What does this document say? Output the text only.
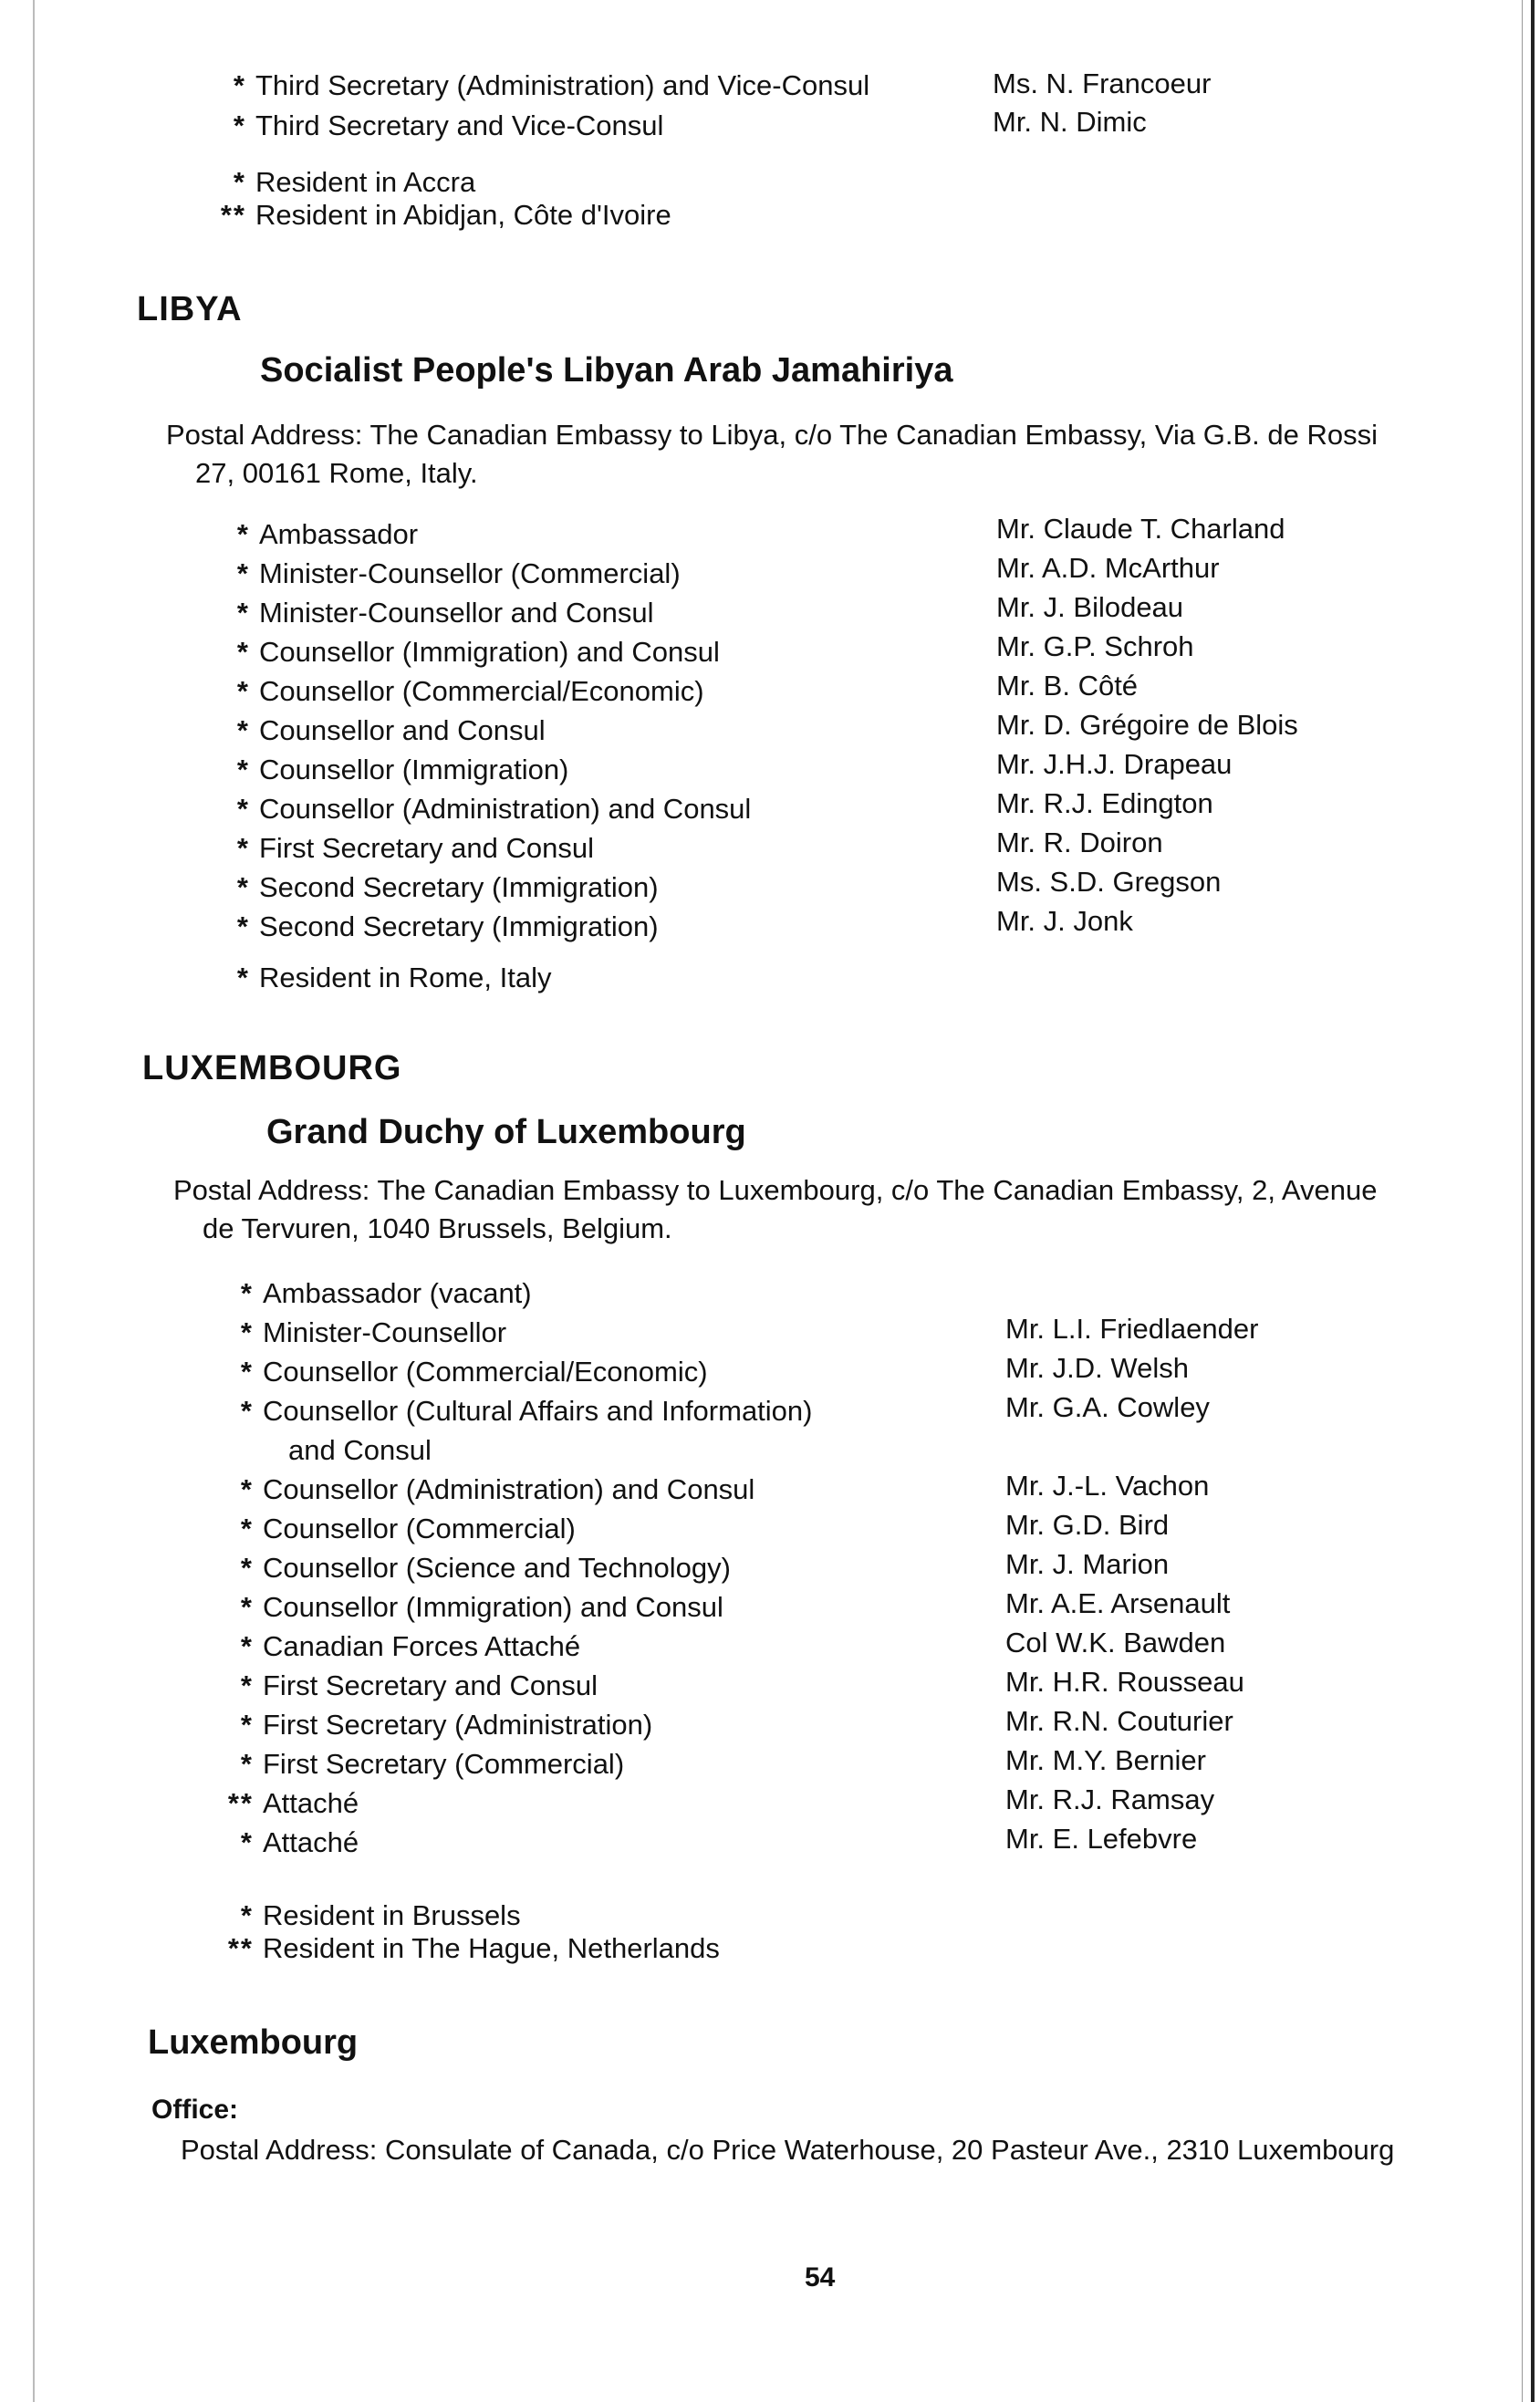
* Third Secretary (Administration) and Vice-Consul	Ms. N. Francoeur
* Third Secretary and Vice-Consul	Mr. N. Dimic
* Resident in Accra
** Resident in Abidjan, Côte d'Ivoire
LIBYA
Socialist People's Libyan Arab Jamahiriya
Postal Address: The Canadian Embassy to Libya, c/o The Canadian Embassy, Via G.B. de Rossi
27, 00161 Rome, Italy.
* Ambassador	Mr. Claude T. Charland
* Minister-Counsellor (Commercial)	Mr. A.D. McArthur
* Minister-Counsellor and Consul	Mr. J. Bilodeau
* Counsellor (Immigration) and Consul	Mr. G.P. Schroh
* Counsellor (Commercial/Economic)	Mr. B. Côté
* Counsellor and Consul	Mr. D. Grégoire de Blois
* Counsellor (Immigration)	Mr. J.H.J. Drapeau
* Counsellor (Administration) and Consul	Mr. R.J. Edington
* First Secretary and Consul	Mr. R. Doiron
* Second Secretary (Immigration)	Ms. S.D. Gregson
* Second Secretary (Immigration)	Mr. J. Jonk
* Resident in Rome, Italy
LUXEMBOURG
Grand Duchy of Luxembourg
Postal Address: The Canadian Embassy to Luxembourg, c/o The Canadian Embassy, 2, Avenue
de Tervuren, 1040 Brussels, Belgium.
* Ambassador (vacant)
* Minister-Counsellor	Mr. L.I. Friedlaender
* Counsellor (Commercial/Economic)	Mr. J.D. Welsh
* Counsellor (Cultural Affairs and Information)	Mr. G.A. Cowley
and Consul
* Counsellor (Administration) and Consul	Mr. J.-L. Vachon
* Counsellor (Commercial)	Mr. G.D. Bird
* Counsellor (Science and Technology)	Mr. J. Marion
* Counsellor (Immigration) and Consul	Mr. A.E. Arsenault
* Canadian Forces Attaché	Col W.K. Bawden
* First Secretary and Consul	Mr. H.R. Rousseau
* First Secretary (Administration)	Mr. R.N. Couturier
* First Secretary (Commercial)	Mr. M.Y. Bernier
** Attaché	Mr. R.J. Ramsay
* Attaché	Mr. E. Lefebvre
* Resident in Brussels
** Resident in The Hague, Netherlands
Luxembourg
Office:
Postal Address: Consulate of Canada, c/o Price Waterhouse, 20 Pasteur Ave., 2310 Luxembourg
54
